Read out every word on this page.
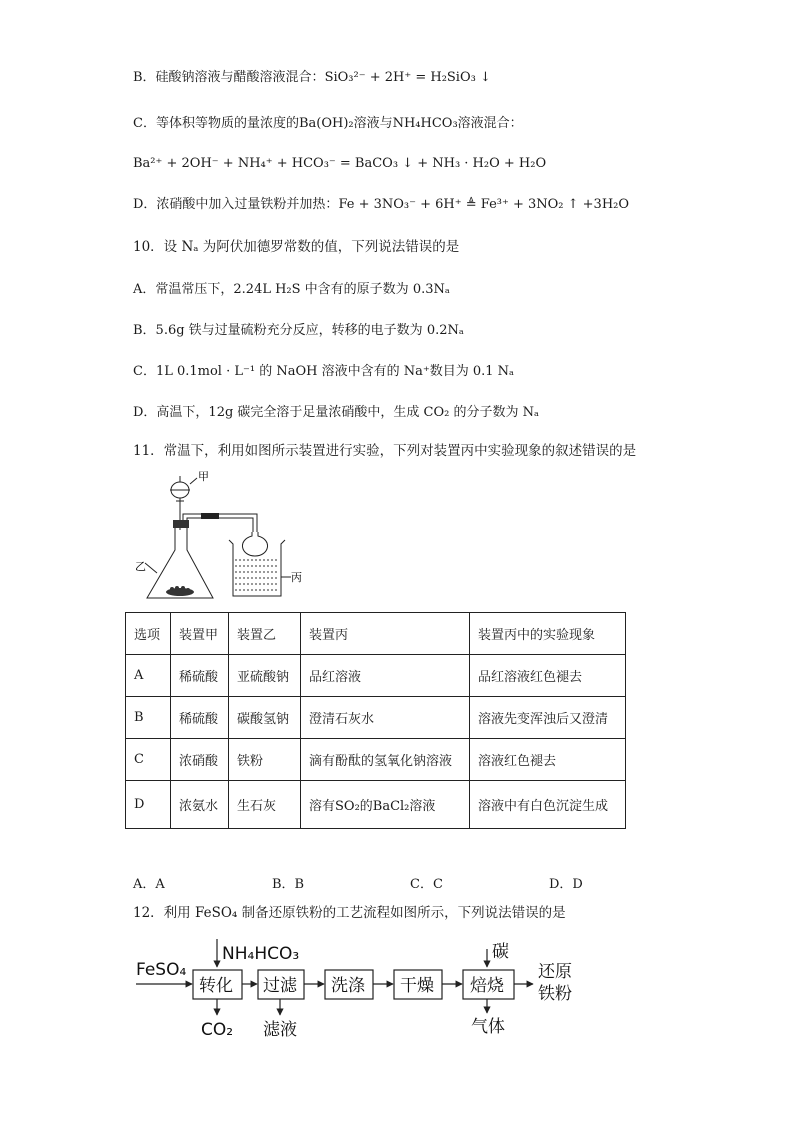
B．硅酸钠溶液与醋酸溶液混合：SiO₃²⁻ + 2H⁺ = H₂SiO₃ ↓
C．等体积等物质的量浓度的Ba(OH)₂溶液与NH₄HCO₃溶液混合：
Ba²⁺ + 2OH⁻ + NH₄⁺ + HCO₃⁻ = BaCO₃ ↓ + NH₃ · H₂O + H₂O
D．浓硝酸中加入过量铁粉并加热：Fe + 3NO₃⁻ + 6H⁺ ≜ Fe³⁺ + 3NO₂ ↑ +3H₂O
10．设 Nₐ 为阿伏加德罗常数的值，下列说法错误的是
A．常温常压下，2.24L H₂S 中含有的原子数为 0.3Nₐ
B．5.6g 铁与过量硫粉充分反应，转移的电子数为 0.2Nₐ
C．1L 0.1mol · L⁻¹ 的 NaOH 溶液中含有的 Na⁺数目为 0.1 Nₐ
D．高温下，12g 碳完全溶于足量浓硝酸中，生成 CO₂ 的分子数为 Nₐ
11．常温下，利用如图所示装置进行实验，下列对装置丙中实验现象的叙述错误的是
甲
乙
丙
选项	装置甲	装置乙	装置丙	装置丙中的实验现象
A	稀硫酸	亚硫酸钠	品红溶液	品红溶液红色褪去
B	稀硫酸	碳酸氢钠	澄清石灰水	溶液先变浑浊后又澄清
C	浓硝酸	铁粉	滴有酚酞的氢氧化钠溶液	溶液红色褪去
D	浓氨水	生石灰	溶有SO₂的BaCl₂溶液	溶液中有白色沉淀生成
A．A	B．B	C．C	D．D
12．利用 FeSO₄ 制备还原铁粉的工艺流程如图所示，下列说法错误的是
FeSO₄
NH₄HCO₃
转化 过滤 洗涤 干燥 焙烧
CO₂ 滤液
碳
气体
还原
铁粉
